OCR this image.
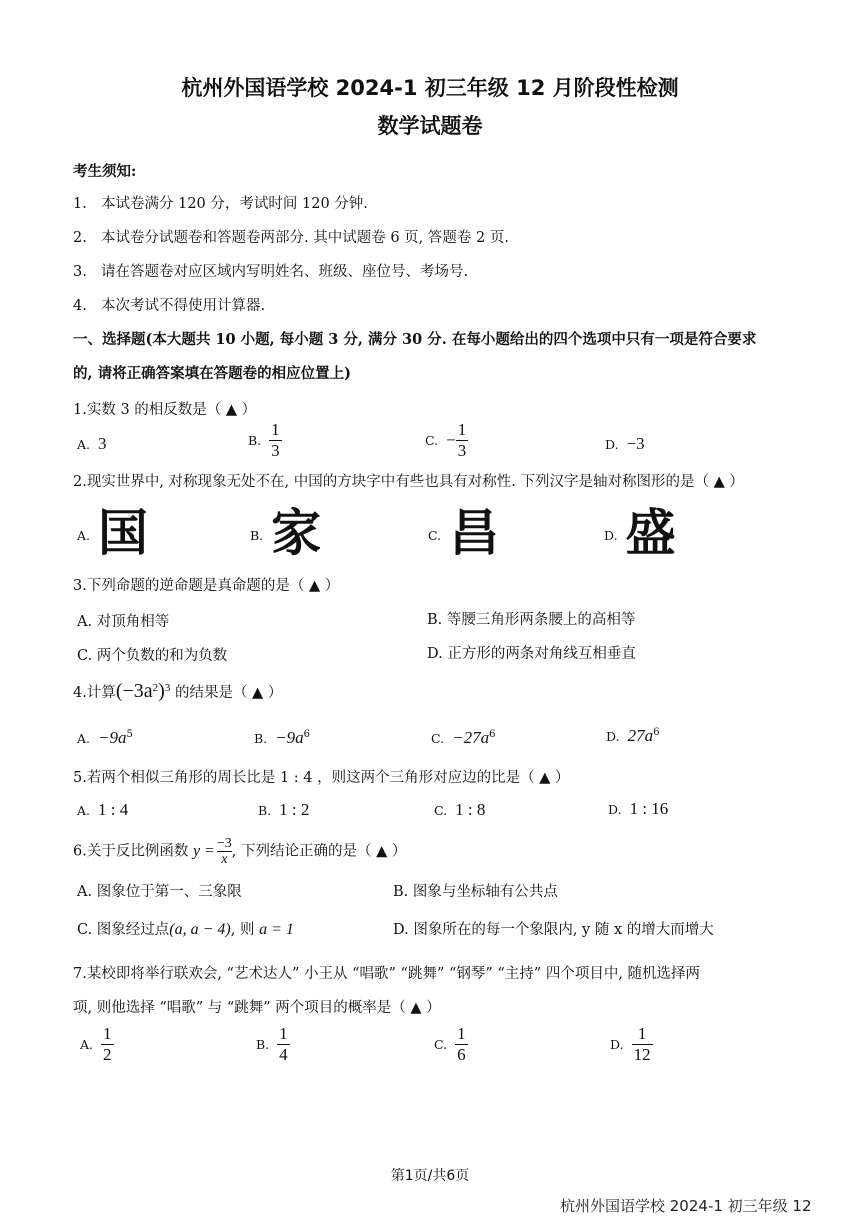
杭州外国语学校 2024-1 初三年级 12 月阶段性检测
数学试题卷
考生须知:
1. 本试卷满分 120 分，考试时间 120 分钟.
2. 本试卷分试题卷和答题卷两部分. 其中试题卷 6 页, 答题卷 2 页.
3. 请在答题卷对应区域内写明姓名、班级、座位号、考场号.
4. 本次考试不得使用计算器.
一、选择题(本大题共 10 小题, 每小题 3 分, 满分 30 分. 在每小题给出的四个选项中只有一项是符合要求
的, 请将正确答案填在答题卷的相应位置上)
1.实数 3 的相反数是（ ▲ ）
A. 3	B. $\frac{1}{3}$	C. − $\frac{1}{3}$	D. −3
2.现实世界中, 对称现象无处不在, 中国的方块字中有些也具有对称性. 下列汉字是轴对称图形的是（ ▲ ）
$^{A.}$ 国	$^{B.}$ 家	$^{C.}$ 昌	$^{D.}$ 盛
3.下列命题的逆命题是真命题的是（ ▲ ）
A. 对顶角相等	B. 等腰三角形两条腰上的高相等
C. 两个负数的和为负数	D. 正方形的两条对角线互相垂直
4.计算$(-3a^2)^3$ 的结果是（ ▲ ）
A. $-9a^5$	B. $-9a^6$	C. $-27a^6$	D. $27a^6$
5.若两个相似三角形的周长比是 1 : 4 ，则这两个三角形对应边的比是（ ▲ ）
A. 1 : 4	B. 1 : 2	C. 1 : 8	D. 1 : 16
6.关于反比例函数 $y = \frac{-3}{x}$ , 下列结论正确的是（ ▲ ）
A. 图象位于第一、三象限	B. 图象与坐标轴有公共点
C. 图象经过点(a, a − 4), 则 a = 1	D. 图象所在的每一个象限内, y 随 x 的增大而增大
7.某校即将举行联欢会, “艺术达人” 小王从 “唱歌” “跳舞” “钢琴” “主持” 四个项目中, 随机选择两
项, 则他选择 “唱歌” 与 “跳舞” 两个项目的概率是（ ▲ ）
A. $\frac{1}{2}$	B. $\frac{1}{4}$	C. $\frac{1}{6}$	D. $\frac{1}{12}$
第1页/共6页
杭州外国语学校 2024-1 初三年级 12
